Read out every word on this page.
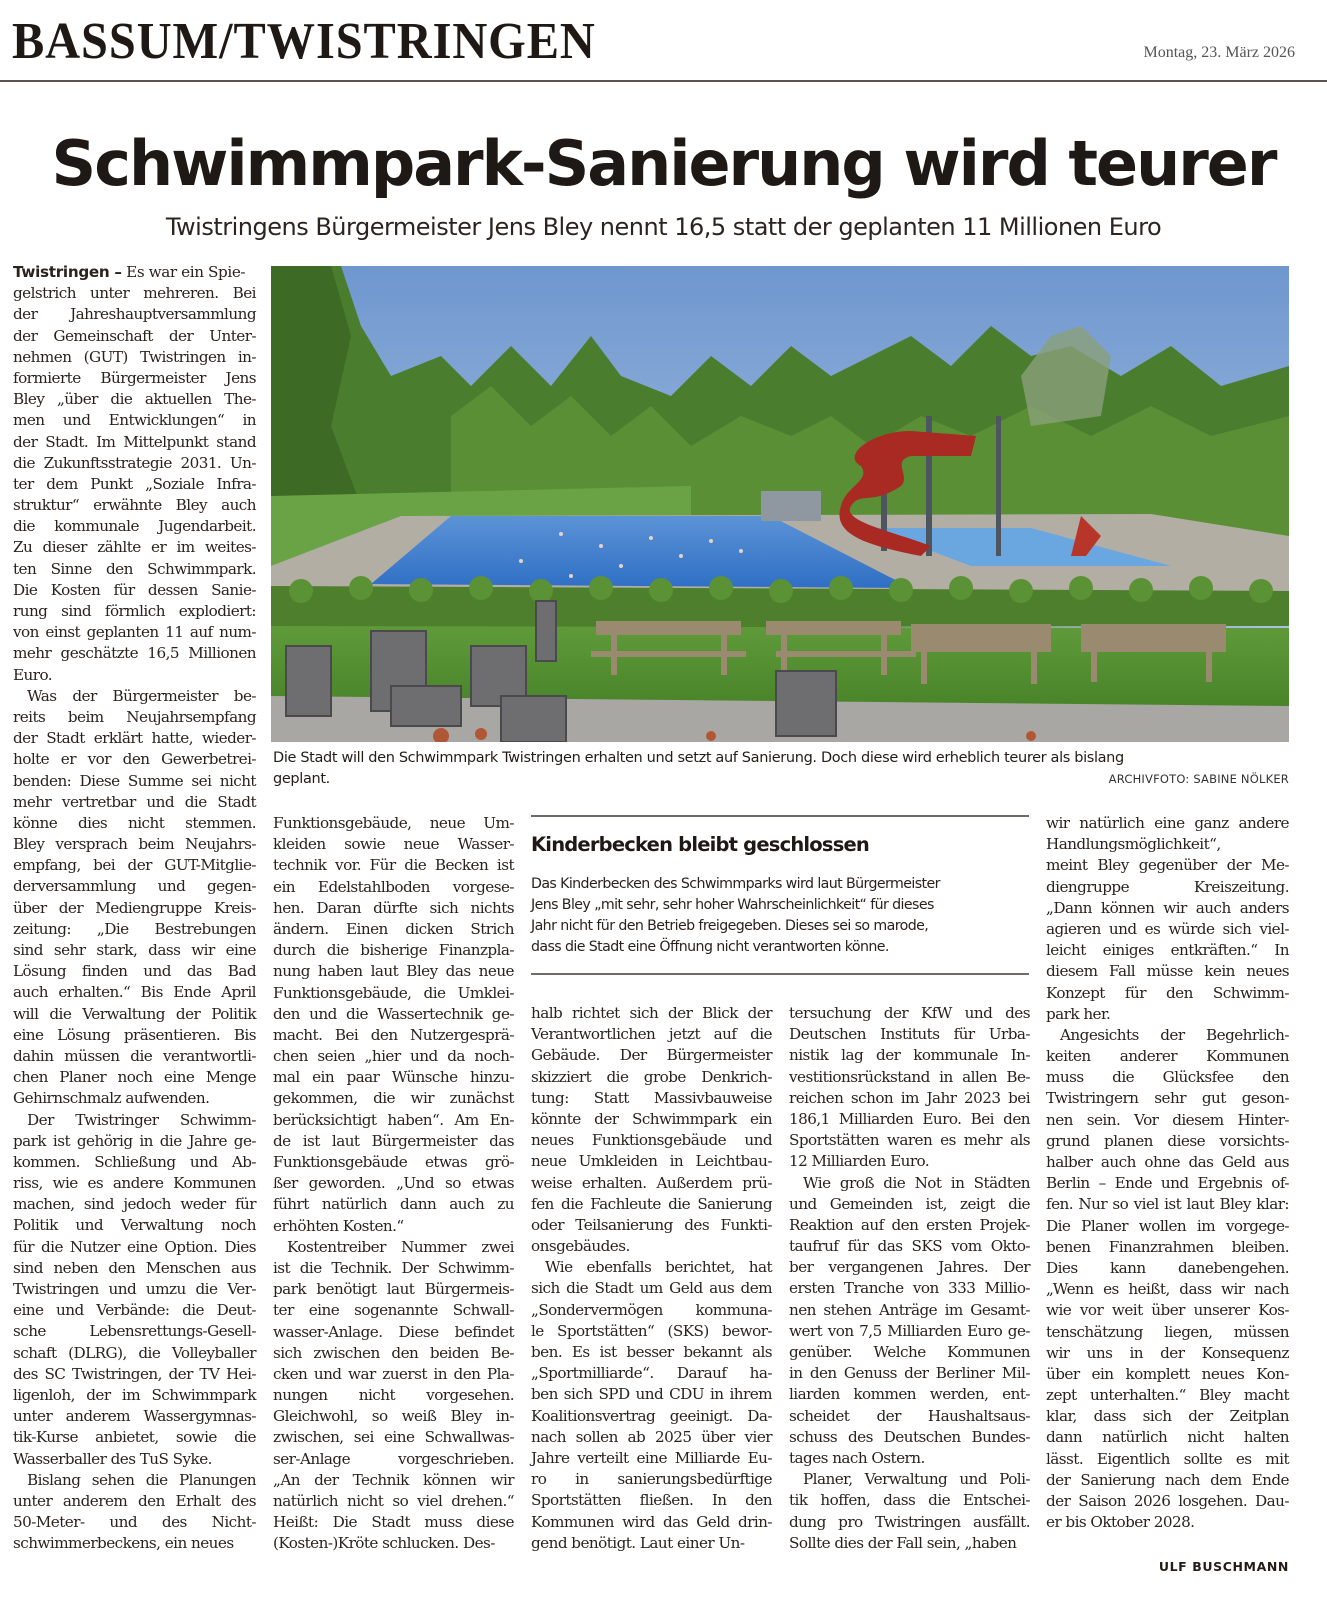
BASSUM/TWISTRINGEN	Montag, 23. März 2026
Schwimmpark-Sanierung wird teurer
Twistringens Bürgermeister Jens Bley nennt 16,5 statt der geplanten 11 Millionen Euro
Die Stadt will den Schwimmpark Twistringen erhalten und setzt auf Sanierung. Doch diese wird erheblich teurer als bislang
geplant.	ARCHIVFOTO: SABINE NÖLKER
Twistringen – Es war ein Spie-
gelstrich unter mehreren. Bei
der Jahreshauptversammlung
der Gemeinschaft der Unter-
nehmen (GUT) Twistringen in-
formierte Bürgermeister Jens
Bley „über die aktuellen The-
men und Entwicklungen“ in
der Stadt. Im Mittelpunkt stand
die Zukunftsstrategie 2031. Un-
ter dem Punkt „Soziale Infra-
struktur“ erwähnte Bley auch
die kommunale Jugendarbeit.
Zu dieser zählte er im weites-
ten Sinne den Schwimmpark.
Die Kosten für dessen Sanie-
rung sind förmlich explodiert:
von einst geplanten 11 auf num-
mehr geschätzte 16,5 Millionen
Euro.
Was der Bürgermeister be-
reits beim Neujahrsempfang
der Stadt erklärt hatte, wieder-
holte er vor den Gewerbetrei-
benden: Diese Summe sei nicht
mehr vertretbar und die Stadt
könne dies nicht stemmen.
Bley versprach beim Neujahrs-
empfang, bei der GUT-Mitglie-
derversammlung und gegen-
über der Mediengruppe Kreis-
zeitung: „Die Bestrebungen
sind sehr stark, dass wir eine
Lösung finden und das Bad
auch erhalten.“ Bis Ende April
will die Verwaltung der Politik
eine Lösung präsentieren. Bis
dahin müssen die verantwortli-
chen Planer noch eine Menge
Gehirnschmalz aufwenden.
Der Twistringer Schwimm-
park ist gehörig in die Jahre ge-
kommen. Schließung und Ab-
riss, wie es andere Kommunen
machen, sind jedoch weder für
Politik und Verwaltung noch
für die Nutzer eine Option. Dies
sind neben den Menschen aus
Twistringen und umzu die Ver-
eine und Verbände: die Deut-
sche Lebensrettungs-Gesell-
schaft (DLRG), die Volleyballer
des SC Twistringen, der TV Hei-
ligenloh, der im Schwimmpark
unter anderem Wassergymnas-
tik-Kurse anbietet, sowie die
Wasserballer des TuS Syke.
Bislang sehen die Planungen
unter anderem den Erhalt des
50-Meter- und des Nicht-
schwimmerbeckens, ein neues
Funktionsgebäude, neue Um-
kleiden sowie neue Wasser-
technik vor. Für die Becken ist
ein Edelstahlboden vorgese-
hen. Daran dürfte sich nichts
ändern. Einen dicken Strich
durch die bisherige Finanzpla-
nung haben laut Bley das neue
Funktionsgebäude, die Umklei-
den und die Wassertechnik ge-
macht. Bei den Nutzergesprä-
chen seien „hier und da noch-
mal ein paar Wünsche hinzu-
gekommen, die wir zunächst
berücksichtigt haben“. Am En-
de ist laut Bürgermeister das
Funktionsgebäude etwas grö-
ßer geworden. „Und so etwas
führt natürlich dann auch zu
erhöhten Kosten.“
Kostentreiber Nummer zwei
ist die Technik. Der Schwimm-
park benötigt laut Bürgermeis-
ter eine sogenannte Schwall-
wasser-Anlage. Diese befindet
sich zwischen den beiden Be-
cken und war zuerst in den Pla-
nungen nicht vorgesehen.
Gleichwohl, so weiß Bley in-
zwischen, sei eine Schwallwas-
ser-Anlage vorgeschrieben.
„An der Technik können wir
natürlich nicht so viel drehen.“
Heißt: Die Stadt muss diese
(Kosten-)Kröte schlucken. Des-
halb richtet sich der Blick der
Verantwortlichen jetzt auf die
Gebäude. Der Bürgermeister
skizziert die grobe Denkrich-
tung: Statt Massivbauweise
könnte der Schwimmpark ein
neues Funktionsgebäude und
neue Umkleiden in Leichtbau-
weise erhalten. Außerdem prü-
fen die Fachleute die Sanierung
oder Teilsanierung des Funkti-
onsgebäudes.
Wie ebenfalls berichtet, hat
sich die Stadt um Geld aus dem
„Sondervermögen kommuna-
le Sportstätten“ (SKS) bewor-
ben. Es ist besser bekannt als
„Sportmilliarde“. Darauf ha-
ben sich SPD und CDU in ihrem
Koalitionsvertrag geeinigt. Da-
nach sollen ab 2025 über vier
Jahre verteilt eine Milliarde Eu-
ro in sanierungsbedürftige
Sportstätten fließen. In den
Kommunen wird das Geld drin-
gend benötigt. Laut einer Un-
tersuchung der KfW und des
Deutschen Instituts für Urba-
nistik lag der kommunale In-
vestitionsrückstand in allen Be-
reichen schon im Jahr 2023 bei
186,1 Milliarden Euro. Bei den
Sportstätten waren es mehr als
12 Milliarden Euro.
Wie groß die Not in Städten
und Gemeinden ist, zeigt die
Reaktion auf den ersten Projek-
taufruf für das SKS vom Okto-
ber vergangenen Jahres. Der
ersten Tranche von 333 Millio-
nen stehen Anträge im Gesamt-
wert von 7,5 Milliarden Euro ge-
genüber. Welche Kommunen
in den Genuss der Berliner Mil-
liarden kommen werden, ent-
scheidet der Haushaltsaus-
schuss des Deutschen Bundes-
tages nach Ostern.
Planer, Verwaltung und Poli-
tik hoffen, dass die Entschei-
dung pro Twistringen ausfällt.
Sollte dies der Fall sein, „haben
wir natürlich eine ganz andere
Handlungsmöglichkeit“,
meint Bley gegenüber der Me-
diengruppe Kreiszeitung.
„Dann können wir auch anders
agieren und es würde sich viel-
leicht einiges entkräften.“ In
diesem Fall müsse kein neues
Konzept für den Schwimm-
park her.
Angesichts der Begehrlich-
keiten anderer Kommunen
muss die Glücksfee den
Twistringern sehr gut geson-
nen sein. Vor diesem Hinter-
grund planen diese vorsichts-
halber auch ohne das Geld aus
Berlin – Ende und Ergebnis of-
fen. Nur so viel ist laut Bley klar:
Die Planer wollen im vorgege-
benen Finanzrahmen bleiben.
Dies kann danebengehen.
„Wenn es heißt, dass wir nach
wie vor weit über unserer Kos-
tenschätzung liegen, müssen
wir uns in der Konsequenz
über ein komplett neues Kon-
zept unterhalten.“ Bley macht
klar, dass sich der Zeitplan
dann natürlich nicht halten
lässt. Eigentlich sollte es mit
der Sanierung nach dem Ende
der Saison 2026 losgehen. Dau-
er bis Oktober 2028.
Kinderbecken bleibt geschlossen
Das Kinderbecken des Schwimmparks wird laut Bürgermeister
Jens Bley „mit sehr, sehr hoher Wahrscheinlichkeit“ für dieses
Jahr nicht für den Betrieb freigegeben. Dieses sei so marode,
dass die Stadt eine Öffnung nicht verantworten könne.
ULF BUSCHMANN
